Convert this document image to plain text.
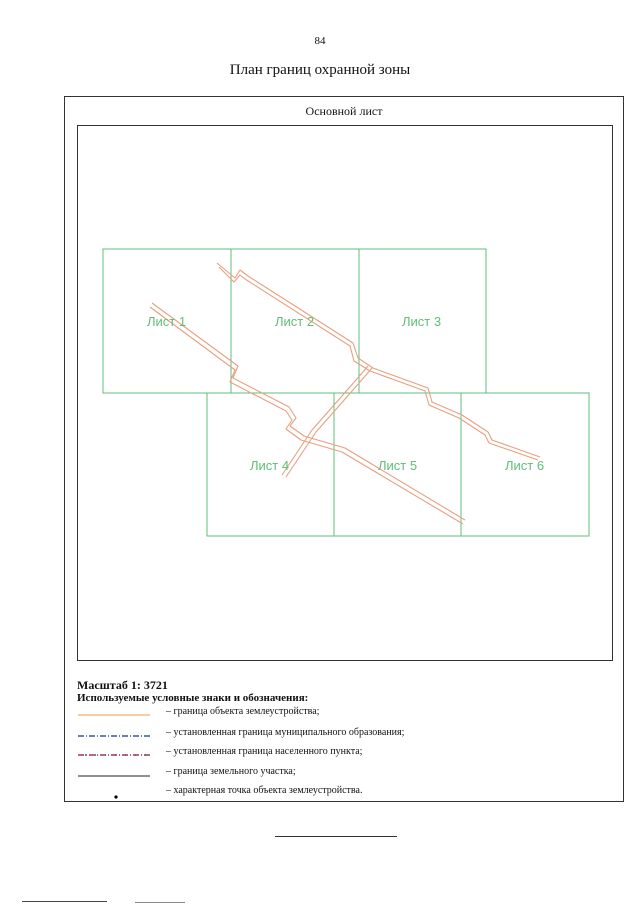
84
План границ охранной зоны
Основной лист
Лист 1	Лист 2	Лист 3
Лист 4	Лист 5	Лист 6
Масштаб 1: 3721
Используемые условные знаки и обозначения:
– граница объекта землеустройства;
– установленная граница муниципального образования;
– установленная граница населенного пункта;
– граница земельного участка;
– характерная точка объекта землеустройства.
